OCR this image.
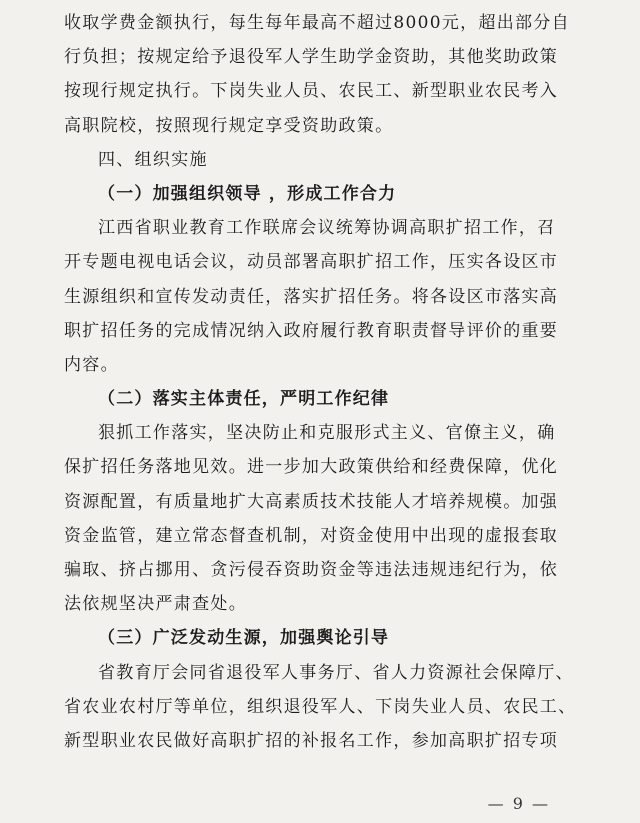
收取学费金额执行，每生每年最高不超过8000元，超出部分自
行负担；按规定给予退役军人学生助学金资助，其他奖助政策
按现行规定执行。下岗失业人员、农民工、新型职业农民考入
高职院校，按照现行规定享受资助政策。
四、组织实施
（一）加强组织领导 ，形成工作合力
江西省职业教育工作联席会议统筹协调高职扩招工作，召
开专题电视电话会议，动员部署高职扩招工作，压实各设区市
生源组织和宣传发动责任，落实扩招任务。将各设区市落实高
职扩招任务的完成情况纳入政府履行教育职责督导评价的重要
内容。
（二）落实主体责任，严明工作纪律
狠抓工作落实，坚决防止和克服形式主义、官僚主义，确
保扩招任务落地见效。进一步加大政策供给和经费保障，优化
资源配置，有质量地扩大高素质技术技能人才培养规模。加强
资金监管，建立常态督查机制，对资金使用中出现的虚报套取
骗取、挤占挪用、贪污侵吞资助资金等违法违规违纪行为，依
法依规坚决严肃查处。
（三）广泛发动生源，加强舆论引导
省教育厅会同省退役军人事务厅、省人力资源社会保障厅、
省农业农村厅等单位，组织退役军人、下岗失业人员、农民工、
新型职业农民做好高职扩招的补报名工作，参加高职扩招专项
— 9 —
